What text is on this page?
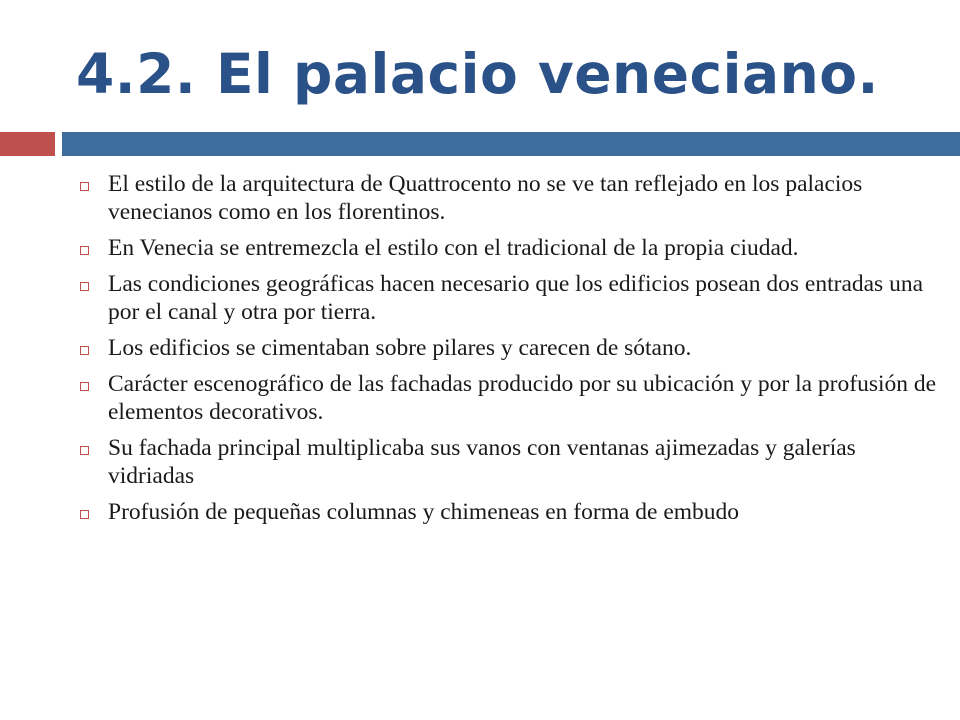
4.2. El palacio veneciano.
El estilo de la arquitectura de Quattrocento no se ve tan reflejado en los palacios venecianos como en los florentinos.
En Venecia se entremezcla el estilo con el tradicional de la propia ciudad.
Las condiciones geográficas hacen necesario que los edificios posean dos entradas una por el canal y otra por tierra.
Los edificios se cimentaban sobre pilares y carecen de sótano.
Carácter escenográfico de las fachadas producido por su ubicación y por la profusión de elementos decorativos.
Su fachada principal multiplicaba sus vanos con ventanas ajimezadas y galerías vidriadas
Profusión de pequeñas columnas y chimeneas en forma de embudo
